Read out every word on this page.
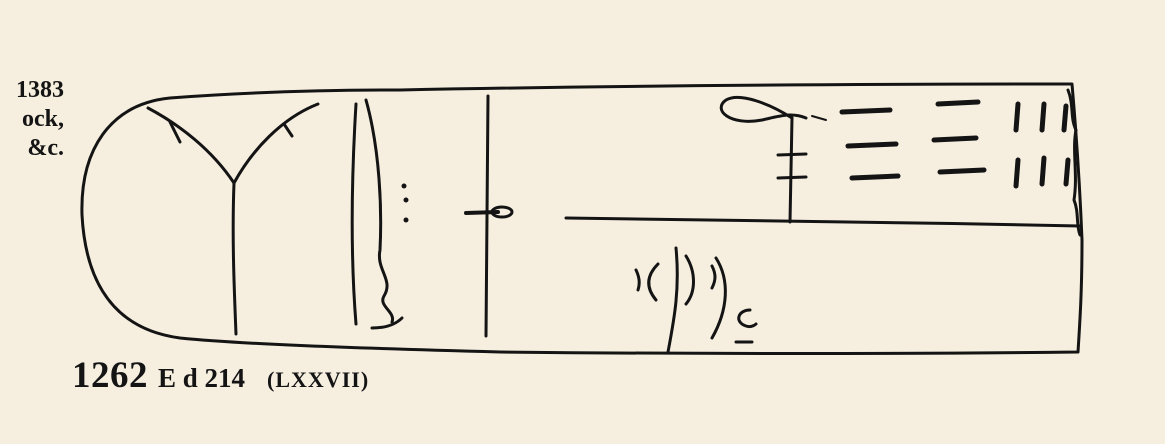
1383
ock,
&c.
1262 E d 214 (LXXVII)
